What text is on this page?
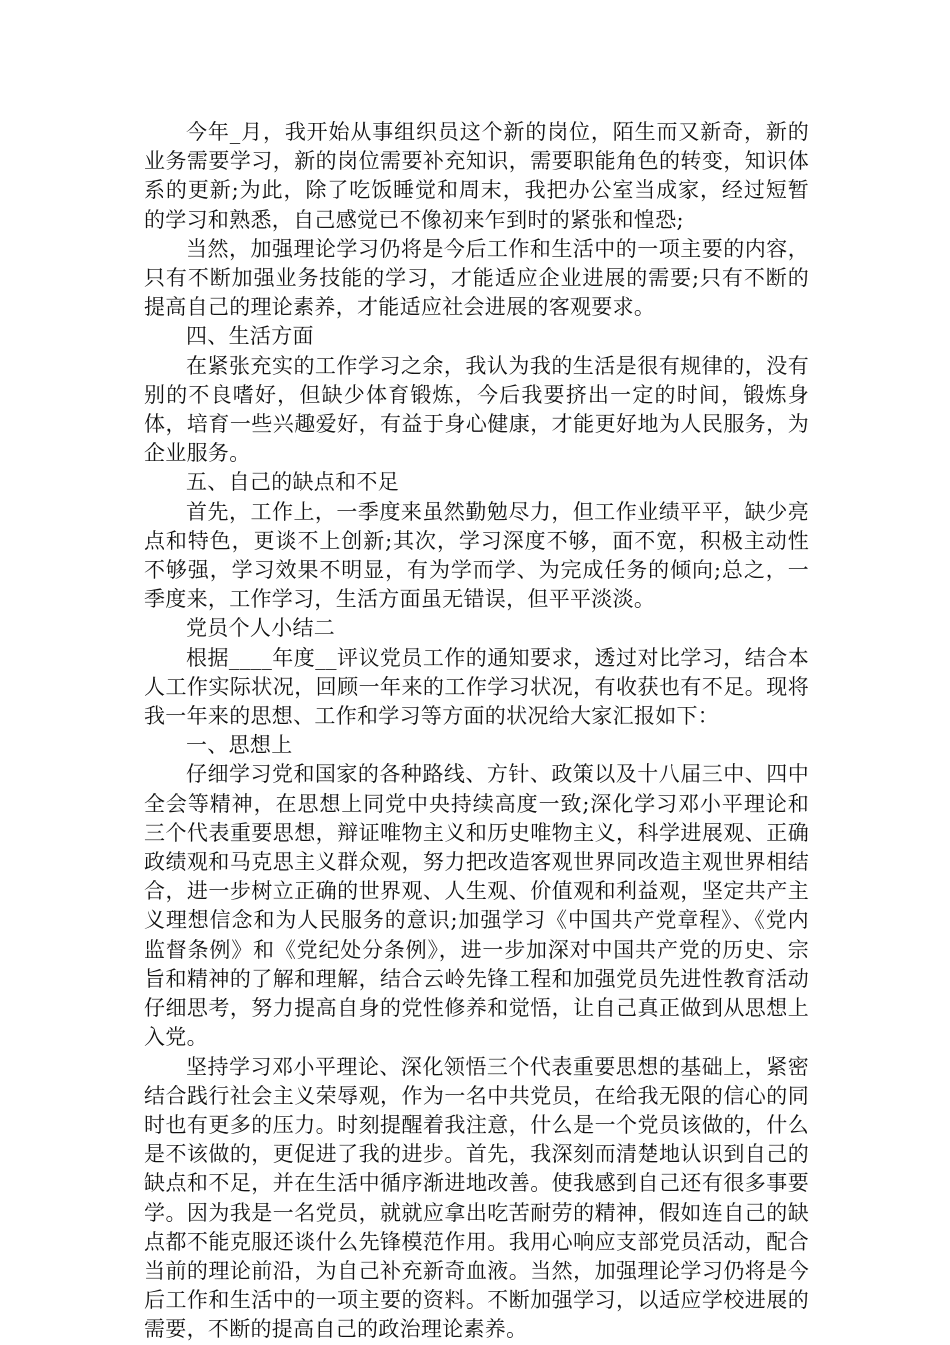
今年_月，我开始从事组织员这个新的岗位，陌生而又新奇，新的业务需要学习，新的岗位需要补充知识，需要职能角色的转变，知识体系的更新;为此，除了吃饭睡觉和周末，我把办公室当成家，经过短暂的学习和熟悉，自己感觉已不像初来乍到时的紧张和惶恐;

当然，加强理论学习仍将是今后工作和生活中的一项主要的内容，只有不断加强业务技能的学习，才能适应企业进展的需要;只有不断的提高自己的理论素养，才能适应社会进展的客观要求。

四、生活方面

在紧张充实的工作学习之余，我认为我的生活是很有规律的，没有别的不良嗜好，但缺少体育锻炼，今后我要挤出一定的时间，锻炼身体，培育一些兴趣爱好，有益于身心健康，才能更好地为人民服务，为企业服务。

五、自己的缺点和不足

首先，工作上，一季度来虽然勤勉尽力，但工作业绩平平，缺少亮点和特色，更谈不上创新;其次，学习深度不够，面不宽，积极主动性不够强，学习效果不明显，有为学而学、为完成任务的倾向;总之，一季度来，工作学习，生活方面虽无错误，但平平淡淡。

党员个人小结二

根据____年度__评议党员工作的通知要求，透过对比学习，结合本人工作实际状况，回顾一年来的工作学习状况，有收获也有不足。现将我一年来的思想、工作和学习等方面的状况给大家汇报如下：

一、思想上

仔细学习党和国家的各种路线、方针、政策以及十八届三中、四中全会等精神，在思想上同党中央持续高度一致;深化学习邓小平理论和三个代表重要思想，辩证唯物主义和历史唯物主义，科学进展观、正确政绩观和马克思主义群众观，努力把改造客观世界同改造主观世界相结合，进一步树立正确的世界观、人生观、价值观和利益观，坚定共产主义理想信念和为人民服务的意识;加强学习《中国共产党章程》、《党内监督条例》和《党纪处分条例》，进一步加深对中国共产党的历史、宗旨和精神的了解和理解，结合云岭先锋工程和加强党员先进性教育活动仔细思考，努力提高自身的党性修养和觉悟，让自己真正做到从思想上入党。

坚持学习邓小平理论、深化领悟三个代表重要思想的基础上，紧密结合践行社会主义荣辱观，作为一名中共党员，在给我无限的信心的同时也有更多的压力。时刻提醒着我注意，什么是一个党员该做的，什么是不该做的，更促进了我的进步。首先，我深刻而清楚地认识到自己的缺点和不足，并在生活中循序渐进地改善。使我感到自己还有很多事要学。因为我是一名党员，就就应拿出吃苦耐劳的精神，假如连自己的缺点都不能克服还谈什么先锋模范作用。我用心响应支部党员活动，配合当前的理论前沿，为自己补充新奇血液。当然，加强理论学习仍将是今后工作和生活中的一项主要的资料。不断加强学习，以适应学校进展的需要，不断的提高自己的政治理论素养。
